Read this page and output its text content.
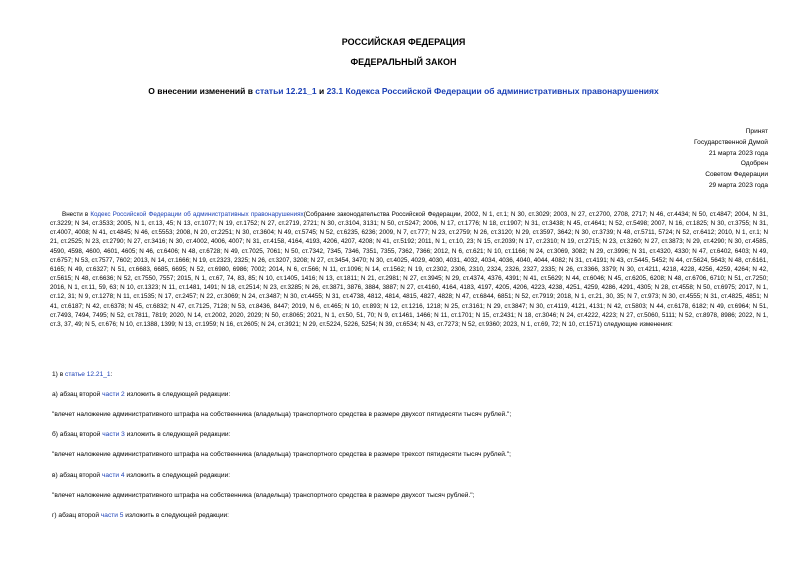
РОССИЙСКАЯ ФЕДЕРАЦИЯ
ФЕДЕРАЛЬНЫЙ ЗАКОН
О внесении изменений в статьи 12.21_1 и 23.1 Кодекса Российской Федерации об административных правонарушениях
Принят
Государственной Думой
21 марта 2023 года
Одобрен
Советом Федерации
29 марта 2023 года
Внести в Кодекс Российской Федерации об административных правонарушениях(Собрание законодательства Российской Федерации, 2002, N 1, ст.1; N 30, ст.3029; 2003, N 27, ст.2700, 2708, 2717; N 46, ст.4434; N 50, ст.4847; 2004, N 31, ст.3229; N 34, ст.3533; 2005, N 1, ст.13, 45; N 13, ст.1077; N 19, ст.1752; N 27, ст.2719, 2721; N 30, ст.3104, 3131; N 50, ст.5247; 2006, N 17, ст.1776; N 18, ст.1907; N 31, ст.3438; N 45, ст.4641; N 52, ст.5498; 2007, N 16, ст.1825; N 30, ст.3755; N 31, ст.4007, 4008; N 41, ст.4845; N 46, ст.5553; 2008, N 20, ст.2251; N 30, ст.3604; N 49, ст.5745; N 52, ст.6235, 6236; 2009, N 7, ст.777; N 23, ст.2759; N 26, ст.3120; N 29, ст.3597, 3642; N 30, ст.3739; N 48, ст.5711, 5724; N 52, ст.6412; 2010, N 1, ст.1; N 21, ст.2525; N 23, ст.2790; N 27, ст.3416; N 30, ст.4002, 4006, 4007; N 31, ст.4158, 4164, 4193, 4206, 4207, 4208; N 41, ст.5192; 2011, N 1, ст.10, 23; N 15, ст.2039; N 17, ст.2310; N 19, ст.2715; N 23, ст.3260; N 27, ст.3873; N 29, ст.4290; N 30, ст.4585, 4590, 4598, 4600, 4601, 4605; N 46, ст.6406; N 48, ст.6728; N 49, ст.7025, 7061; N 50, ст.7342, 7345, 7346, 7351, 7355, 7362, 7366; 2012, N 6, ст.621; N 10, ст.1166; N 24, ст.3069, 3082; N 29, ст.3996; N 31, ст.4320, 4330; N 47, ст.6402, 6403; N 49, ст.6757; N 53, ст.7577, 7602; 2013, N 14, ст.1666; N 19, ст.2323, 2325; N 26, ст.3207, 3208; N 27, ст.3454, 3470; N 30, ст.4025, 4029, 4030, 4031, 4032, 4034, 4036, 4040, 4044, 4082; N 31, ст.4191; N 43, ст.5445, 5452; N 44, ст.5624, 5643; N 48, ст.6161, 6165; N 49, ст.6327; N 51, ст.6683, 6685, 6695; N 52, ст.6980, 6986; 7002; 2014, N 6, ст.566; N 11, ст.1096; N 14, ст.1562; N 19, ст.2302, 2306, 2310, 2324, 2326, 2327, 2335; N 26, ст.3366, 3379; N 30, ст.4211, 4218, 4228, 4256, 4259, 4264; N 42, ст.5615; N 48, ст.6636; N 52, ст.7550, 7557; 2015, N 1, ст.67, 74, 83, 85; N 10, ст.1405, 1416; N 13, ст.1811; N 21, ст.2981; N 27, ст.3945; N 29, ст.4374, 4376, 4391; N 41, ст.5629; N 44, ст.6046; N 45, ст.6205, 6208; N 48, ст.6706, 6710; N 51, ст.7250; 2016, N 1, ст.11, 59, 63; N 10, ст.1323; N 11, ст.1481, 1491; N 18, ст.2514; N 23, ст.3285; N 26, ст.3871, 3876, 3884, 3887; N 27, ст.4160, 4164, 4183, 4197, 4205, 4206, 4223, 4238, 4251, 4259, 4286, 4291, 4305; N 28, ст.4558; N 50, ст.6975; 2017, N 1, ст.12, 31; N 9, ст.1278; N 11, ст.1535; N 17, ст.2457; N 22, ст.3069; N 24, ст.3487; N 30, ст.4455; N 31, ст.4738, 4812, 4814, 4815, 4827, 4828; N 47, ст.6844, 6851; N 52, ст.7919; 2018, N 1, ст.21, 30, 35; N 7, ст.973; N 30, ст.4555; N 31, ст.4825, 4851; N 41, ст.6187; N 42, ст.6378; N 45, ст.6832; N 47, ст.7125, 7128; N 53, ст.8436, 8447; 2019, N 6, ст.465; N 10, ст.893; N 12, ст.1216, 1218; N 25, ст.3161; N 29, ст.3847; N 30, ст.4119, 4121, 4131; N 42, ст.5803; N 44, ст.6178, 6182; N 49, ст.6964; N 51, ст.7493, 7494, 7495; N 52, ст.7811, 7819; 2020, N 14, ст.2002, 2020, 2029; N 50, ст.8065; 2021, N 1, ст.50, 51, 70; N 9, ст.1461, 1466; N 11, ст.1701; N 15, ст.2431; N 18, ст.3046; N 24, ст.4222, 4223; N 27, ст.5060, 5111; N 52, ст.8978, 8986; 2022, N 1, ст.3, 37, 49; N 5, ст.676; N 10, ст.1388, 1399; N 13, ст.1959; N 16, ст.2605; N 24, ст.3921; N 29, ст.5224, 5226, 5254; N 39, ст.6534; N 43, ст.7273; N 52, ст.9360; 2023, N 1, ст.69, 72; N 10, ст.1571) следующие изменения:
1) в статье 12.21_1:
а) абзац второй части 2 изложить в следующей редакции:
"влечет наложение административного штрафа на собственника (владельца) транспортного средства в размере двухсот пятидесяти тысяч рублей.";
б) абзац второй части 3 изложить в следующей редакции:
"влечет наложение административного штрафа на собственника (владельца) транспортного средства в размере трехсот пятидесяти тысяч рублей.";
в) абзац второй части 4 изложить в следующей редакции:
"влечет наложение административного штрафа на собственника (владельца) транспортного средства в размере двухсот тысяч рублей.";
г) абзац второй части 5 изложить в следующей редакции:
